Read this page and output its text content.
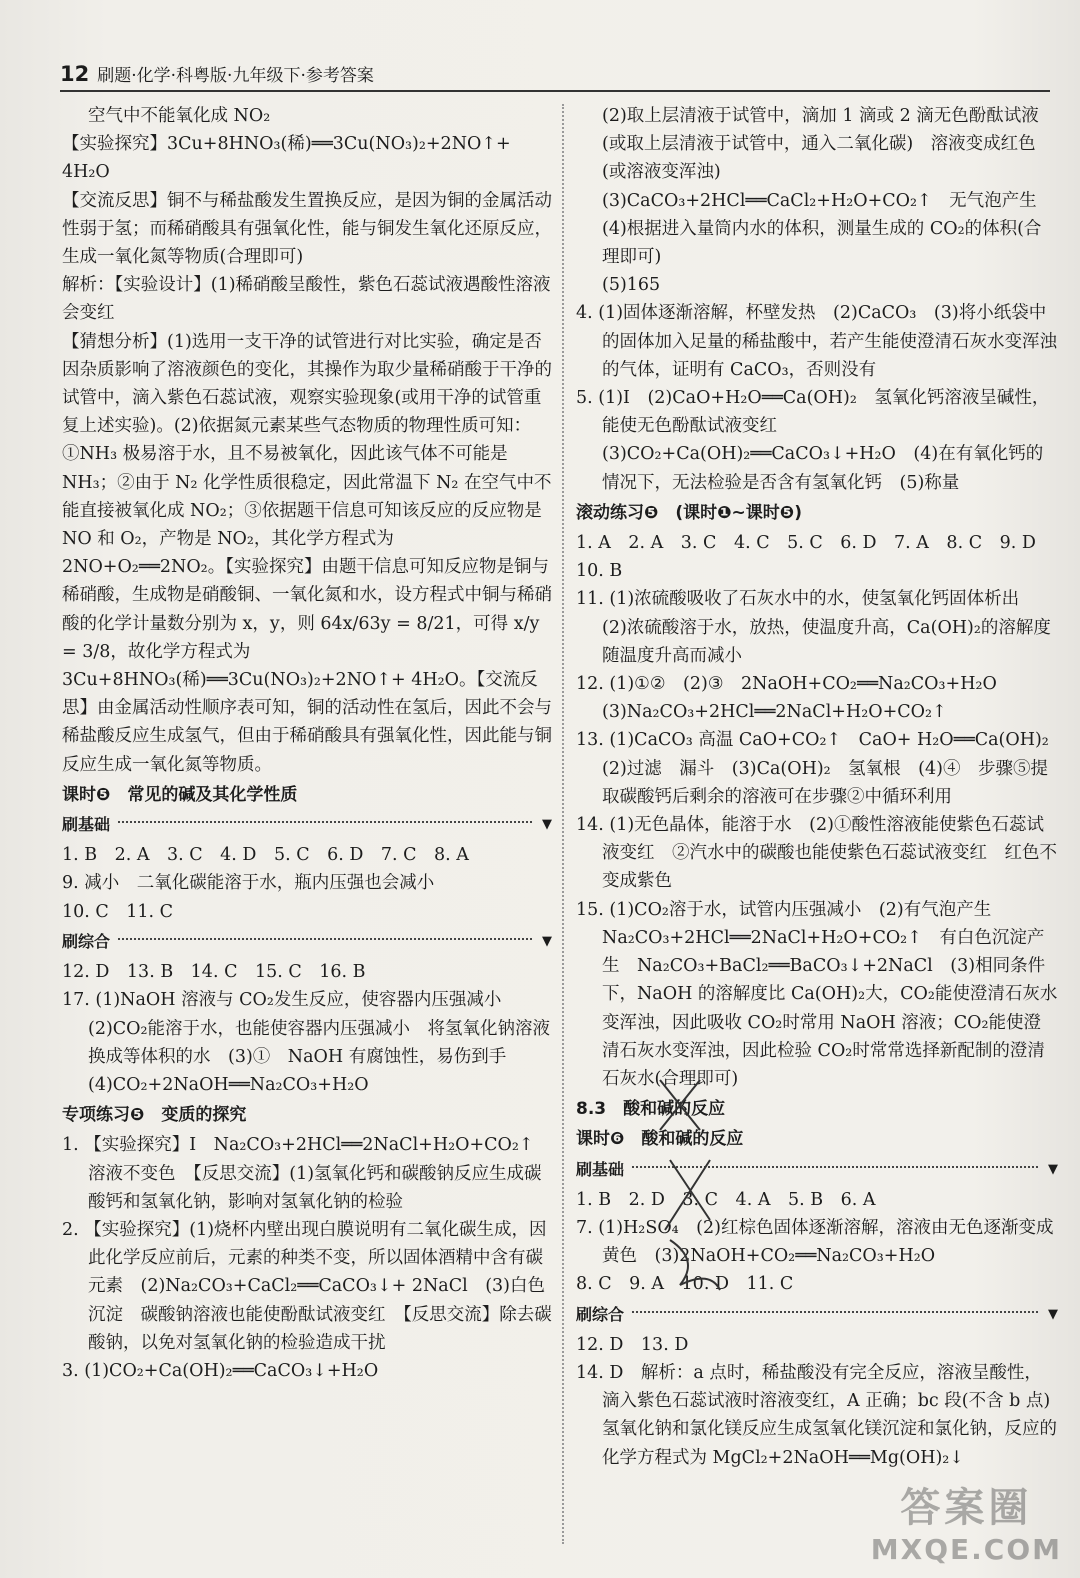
12 刷题·化学·科粤版·九年级下·参考答案

空气中不能氧化成 NO₂

【实验探究】3Cu+8HNO₃(稀)══3Cu(NO₃)₂+2NO↑+ 4H₂O

【交流反思】铜不与稀盐酸发生置换反应，是因为铜的金属活动性弱于氢；而稀硝酸具有强氧化性，能与铜发生氧化还原反应，生成一氧化氮等物质(合理即可)

解析：【实验设计】(1)稀硝酸呈酸性，紫色石蕊试液遇酸性溶液会变红

【猜想分析】(1)选用一支干净的试管进行对比实验，确定是否因杂质影响了溶液颜色的变化，其操作为取少量稀硝酸于干净的试管中，滴入紫色石蕊试液，观察实验现象(或用干净的试管重复上述实验)。(2)依据氮元素某些气态物质的物理性质可知：①NH₃ 极易溶于水，且不易被氧化，因此该气体不可能是 NH₃；②由于 N₂ 化学性质很稳定，因此常温下 N₂ 在空气中不能直接被氧化成 NO₂；③依据题干信息可知该反应的反应物是 NO 和 O₂，产物是 NO₂，其化学方程式为 2NO+O₂══2NO₂。【实验探究】由题干信息可知反应物是铜与稀硝酸，生成物是硝酸铜、一氧化氮和水，设方程式中铜与稀硝酸的化学计量数分别为 x，y，则 64x/63y = 8/21，可得 x/y = 3/8，故化学方程式为 3Cu+8HNO₃(稀)══3Cu(NO₃)₂+2NO↑+ 4H₂O。【交流反思】由金属活动性顺序表可知，铜的活动性在氢后，因此不会与稀盐酸反应生成氢气，但由于稀硝酸具有强氧化性，因此能与铜反应生成一氧化氮等物质。

课时❺　常见的碱及其化学性质
刷基础	▼

1. B　2. A　3. C　4. D　5. C　6. D　7. C　8. A

9. 减小　二氧化碳能溶于水，瓶内压强也会减小

10. C　11. C

刷综合	▼

12. D　13. B　14. C　15. C　16. B

17. (1)NaOH 溶液与 CO₂发生反应，使容器内压强减小　(2)CO₂能溶于水，也能使容器内压强减小　将氢氧化钠溶液换成等体积的水　(3)①　NaOH 有腐蚀性，易伤到手　(4)CO₂+2NaOH══Na₂CO₃+H₂O

专项练习❺　变质的探究

1. 【实验探究】Ⅰ　Na₂CO₃+2HCl══2NaCl+H₂O+CO₂↑　溶液不变色　【反思交流】(1)氢氧化钙和碳酸钠反应生成碳酸钙和氢氧化钠，影响对氢氧化钠的检验

2. 【实验探究】(1)烧杯内壁出现白膜说明有二氧化碳生成，因此化学反应前后，元素的种类不变，所以固体酒精中含有碳元素　(2)Na₂CO₃+CaCl₂══CaCO₃↓+ 2NaCl　(3)白色沉淀　碳酸钠溶液也能使酚酞试液变红　【反思交流】除去碳酸钠，以免对氢氧化钠的检验造成干扰

3. (1)CO₂+Ca(OH)₂══CaCO₃↓+H₂O

(2)取上层清液于试管中，滴加 1 滴或 2 滴无色酚酞试液(或取上层清液于试管中，通入二氧化碳)　溶液变成红色(或溶液变浑浊)

(3)CaCO₃+2HCl══CaCl₂+H₂O+CO₂↑　无气泡产生

(4)根据进入量筒内水的体积，测量生成的 CO₂的体积(合理即可)

(5)165

4. (1)固体逐渐溶解，杯壁发热　(2)CaCO₃　(3)将小纸袋中的固体加入足量的稀盐酸中，若产生能使澄清石灰水变浑浊的气体，证明有 CaCO₃，否则没有

5. (1)Ⅰ　(2)CaO+H₂O══Ca(OH)₂　氢氧化钙溶液呈碱性，能使无色酚酞试液变红　(3)CO₂+Ca(OH)₂══CaCO₃↓+H₂O　(4)在有氧化钙的情况下，无法检验是否含有氢氧化钙　(5)称量

滚动练习❺　(课时❶~课时❺)

1. A　2. A　3. C　4. C　5. C　6. D　7. A　8. C　9. D

10. B

11. (1)浓硫酸吸收了石灰水中的水，使氢氧化钙固体析出　(2)浓硫酸溶于水，放热，使温度升高，Ca(OH)₂的溶解度随温度升高而减小

12. (1)①②　(2)③　2NaOH+CO₂══Na₂CO₃+H₂O　(3)Na₂CO₃+2HCl══2NaCl+H₂O+CO₂↑

13. (1)CaCO₃ 高温 CaO+CO₂↑　CaO+ H₂O══Ca(OH)₂　(2)过滤　漏斗　(3)Ca(OH)₂　氢氧根　(4)④　步骤⑤提取碳酸钙后剩余的溶液可在步骤②中循环利用

14. (1)无色晶体，能溶于水　(2)①酸性溶液能使紫色石蕊试液变红　②汽水中的碳酸也能使紫色石蕊试液变红　红色不变成紫色

15. (1)CO₂溶于水，试管内压强减小　(2)有气泡产生　Na₂CO₃+2HCl══2NaCl+H₂O+CO₂↑　有白色沉淀产生　Na₂CO₃+BaCl₂══BaCO₃↓+2NaCl　(3)相同条件下，NaOH 的溶解度比 Ca(OH)₂大，CO₂能使澄清石灰水变浑浊，因此吸收 CO₂时常用 NaOH 溶液；CO₂能使澄清石灰水变浑浊，因此检验 CO₂时常常选择新配制的澄清石灰水(合理即可)

8.3　酸和碱的反应
课时❻　酸和碱的反应
刷基础	▼

1. B　2. D　3. C　4. A　5. B　6. A

7. (1)H₂SO₄　(2)红棕色固体逐渐溶解，溶液由无色逐渐变成黄色　(3)2NaOH+CO₂══Na₂CO₃+H₂O

8. C　9. A　10. D　11. C

刷综合	▼

12. D　13. D

14. D　解析：a 点时，稀盐酸没有完全反应，溶液呈酸性，滴入紫色石蕊试液时溶液变红，A 正确；bc 段(不含 b 点)氢氧化钠和氯化镁反应生成氢氧化镁沉淀和氯化钠，反应的化学方程式为 MgCl₂+2NaOH══Mg(OH)₂↓

答案圈
MXQE.COM
